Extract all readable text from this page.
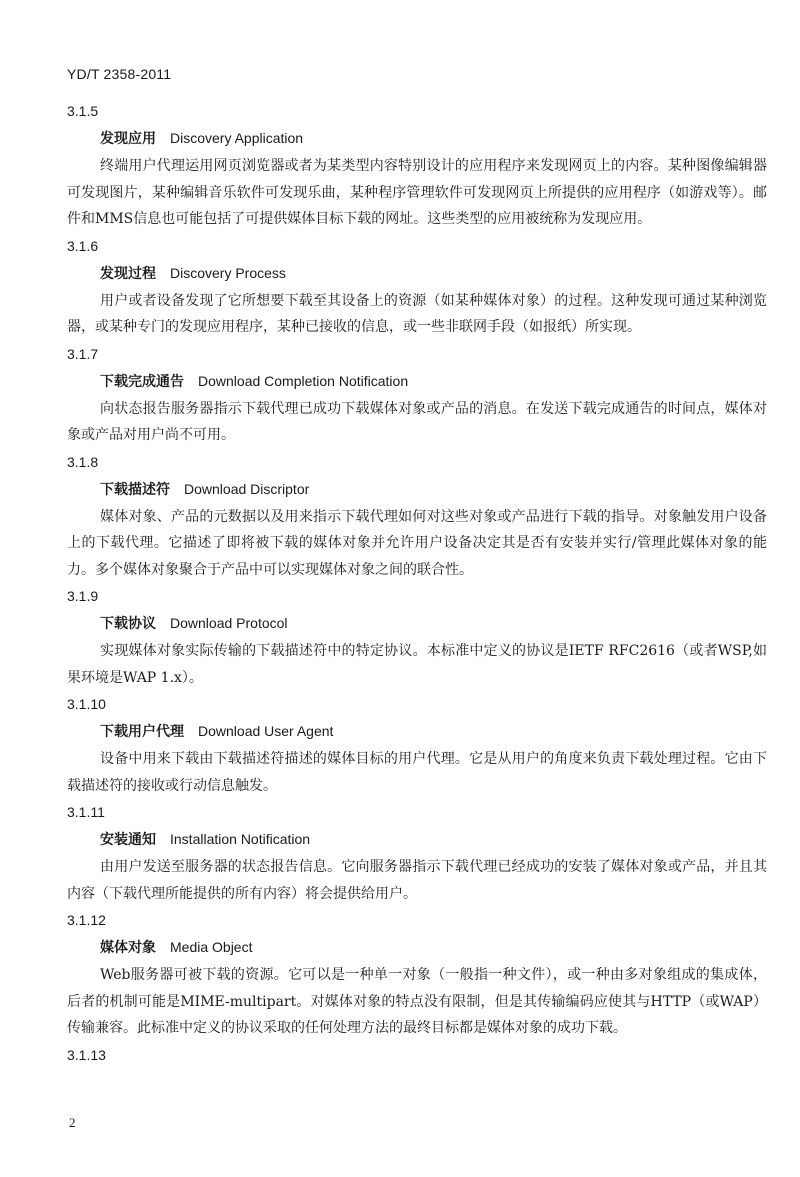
YD/T 2358-2011

3.1.5

发现应用 Discovery Application

终端用户代理运用网页浏览器或者为某类型内容特别设计的应用程序来发现网页上的内容。某种图像编辑器可发现图片，某种编辑音乐软件可发现乐曲，某种程序管理软件可发现网页上所提供的应用程序（如游戏等）。邮件和MMS信息也可能包括了可提供媒体目标下载的网址。这些类型的应用被统称为发现应用。

3.1.6

发现过程 Discovery Process

用户或者设备发现了它所想要下载至其设备上的资源（如某种媒体对象）的过程。这种发现可通过某种浏览器，或某种专门的发现应用程序，某种已接收的信息，或一些非联网手段（如报纸）所实现。

3.1.7

下载完成通告 Download Completion Notification

向状态报告服务器指示下载代理已成功下载媒体对象或产品的消息。在发送下载完成通告的时间点，媒体对象或产品对用户尚不可用。

3.1.8

下载描述符 Download Discriptor

媒体对象、产品的元数据以及用来指示下载代理如何对这些对象或产品进行下载的指导。对象触发用户设备上的下载代理。它描述了即将被下载的媒体对象并允许用户设备决定其是否有安装并实行/管理此媒体对象的能力。多个媒体对象聚合于产品中可以实现媒体对象之间的联合性。

3.1.9

下载协议 Download Protocol

实现媒体对象实际传输的下载描述符中的特定协议。本标准中定义的协议是IETF RFC2616（或者WSP,如果环境是WAP 1.x）。

3.1.10

下载用户代理 Download User Agent

设备中用来下载由下载描述符描述的媒体目标的用户代理。它是从用户的角度来负责下载处理过程。它由下载描述符的接收或行动信息触发。

3.1.11

安装通知 Installation Notification

由用户发送至服务器的状态报告信息。它向服务器指示下载代理已经成功的安装了媒体对象或产品，并且其内容（下载代理所能提供的所有内容）将会提供给用户。

3.1.12

媒体对象 Media Object

Web服务器可被下载的资源。它可以是一种单一对象（一般指一种文件），或一种由多对象组成的集成体，后者的机制可能是MIME-multipart。对媒体对象的特点没有限制，但是其传输编码应使其与HTTP（或WAP）传输兼容。此标准中定义的协议采取的任何处理方法的最终目标都是媒体对象的成功下载。

3.1.13

2
